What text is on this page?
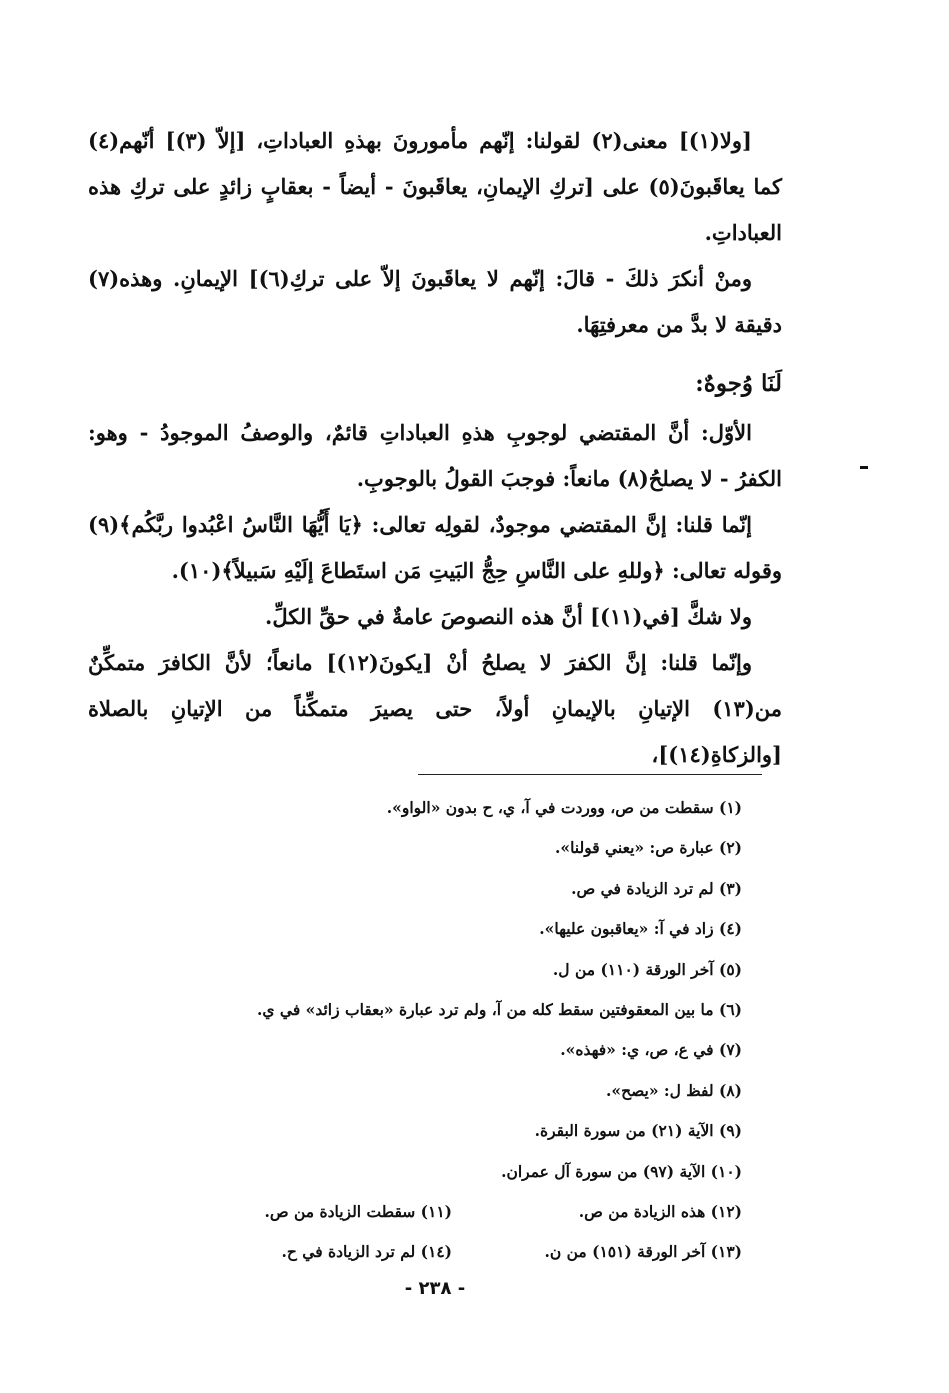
[ولا(١)] معنى(٢) لقولنا: إنّهم مأمورونَ بهذهِ العباداتِ، [إلاّ (٣)] أنّهم(٤) كما يعاقَبونَ(٥) على [تركِ الإيمانِ، يعاقَبونَ - أيضاً - بعقابٍ زائدٍ على تركِ هذه العباداتِ.

ومنْ أنكرَ ذلكَ - قالَ: إنّهم لا يعاقَبونَ إلاّ على تركِ(٦)] الإيمانِ. وهذه(٧) دقيقة لا بدَّ من معرفتِهَا.

لَنَا وُجوهٌ:

الأوّل: أنَّ المقتضي لوجوبِ هذهِ العباداتِ قائمٌ، والوصفُ الموجودُ - وهو: الكفرُ - لا يصلحُ(٨) مانعاً: فوجبَ القولُ بالوجوبِ.

إنّما قلنا: إنَّ المقتضي موجودٌ، لقولِه تعالى: ﴿يَا أَيُّهَا النَّاسُ اعْبُدوا ربَّكُم﴾(٩) وقوله تعالى: ﴿وللهِ على النَّاسِ حِجُّ البَيتِ مَن استَطاعَ إلَيْهِ سَبيلاً﴾(١٠).

ولا شكَّ [في(١١)] أنَّ هذه النصوصَ عامةٌ في حقِّ الكلِّ.

وإنّما قلنا: إنَّ الكفرَ لا يصلحُ أنْ [يكونَ(١٢)] مانعاً؛ لأنَّ الكافرَ متمكِّنٌ من(١٣) الإتيانِ بالإيمانِ أولاً، حتى يصيرَ متمكِّناً من الإتيانِ بالصلاة [والزكاةِ(١٤)]،

(١) سقطت من ص، ووردت في آ، ي، ح بدون «الواو».
(٢) عبارة ص: «يعني قولنا».
(٣) لم ترد الزيادة في ص.
(٤) زاد في آ: «يعاقبون عليها».
(٥) آخر الورقة (١١٠) من ل.
(٦) ما بين المعقوفتين سقط كله من آ، ولم ترد عبارة «بعقاب زائد» في ي.
(٧) في ع، ص، ي: «فهذه».
(٨) لفظ ل: «يصح».
(٩) الآية (٢١) من سورة البقرة.
(١٠) الآية (٩٧) من سورة آل عمران.
(١٢) هذه الزيادة من ص.
(١١) سقطت الزيادة من ص.
(١٣) آخر الورقة (١٥١) من ن.
(١٤) لم ترد الزيادة في ح.
- ٢٣٨ -
